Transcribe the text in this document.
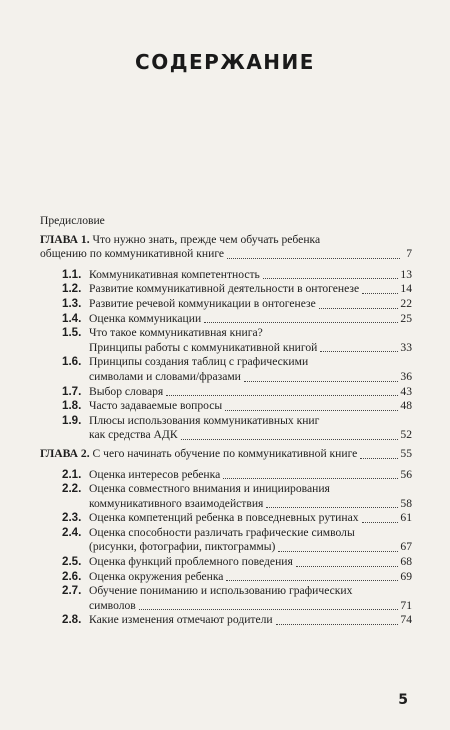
СОДЕРЖАНИЕ
Предисловие
ГЛАВА 1.
Что нужно знать, прежде чем обучать ребенка
общению по коммуникативной книге	7
1.1. Коммуникативная компетентность	13
1.2. Развитие коммуникативной деятельности в онтогенезе	14
1.3. Развитие речевой коммуникации в онтогенезе	22
1.4. Оценка коммуникации	25
1.5. Что такое коммуникативная книга?
Принципы работы с коммуникативной книгой	33
1.6. Принципы создания таблиц с графическими
символами и словами/фразами	36
1.7. Выбор словаря	43
1.8. Часто задаваемые вопросы	48
1.9. Плюсы использования коммуникативных книг
как средства АДК	52
ГЛАВА 2.
С чего начинать обучение по коммуникативной книге	55
2.1. Оценка интересов ребенка	56
2.2. Оценка совместного внимания и инициирования
коммуникативного взаимодействия	58
2.3. Оценка компетенций ребенка в повседневных рутинах	61
2.4. Оценка способности различать графические символы
(рисунки, фотографии, пиктограммы)	67
2.5. Оценка функций проблемного поведения	68
2.6. Оценка окружения ребенка	69
2.7. Обучение пониманию и использованию графических
символов	71
2.8. Какие изменения отмечают родители	74
5
